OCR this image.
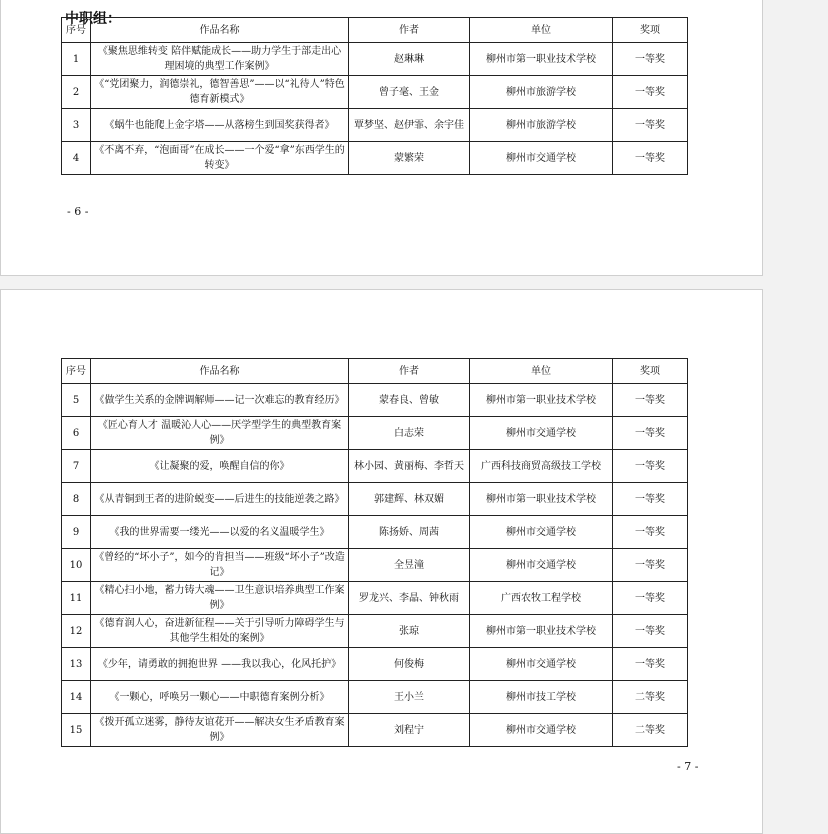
中职组：
序号	作品名称	作者	单位	奖项
1	《聚焦思维转变 陪伴赋能成长——助力学生于部走出心理困境的典型工作案例》	赵琳琳	柳州市第一职业技术学校	一等奖
2	《“党团聚力，润德崇礼，德智善思”——以“礼待人”特色德育新模式》	曾子毫、王金	柳州市旅游学校	一等奖
3	《蜗牛也能爬上金字塔——从落榜生到国奖获得者》	覃梦坚、赵伊霏、余宇佳	柳州市旅游学校	一等奖
4	《不离不弃，“泡面哥”在成长——一个爱“拿”东西学生的转变》	蒙繁荣	柳州市交通学校	一等奖
- 6 -
序号	作品名称	作者	单位	奖项
5	《做学生关系的金牌调解师——记一次难忘的教育经历》	蒙春良、曾敏	柳州市第一职业技术学校	一等奖
6	《匠心育人才 温暖沁人心——厌学型学生的典型教育案例》	白志荣	柳州市交通学校	一等奖
7	《让凝聚的爱，唤醒自信的你》	林小园、黄丽梅、李哲天	广西科技商贸高级技工学校	一等奖
8	《从青铜到王者的进阶蜕变——后进生的技能逆袭之路》	郭建辉、林双媚	柳州市第一职业技术学校	一等奖
9	《我的世界需要一缕光——以爱的名义温暖学生》	陈扬娇、周茜	柳州市交通学校	一等奖
10	《曾经的“坏小子”，如今的肯担当——班级“坏小子”改造记》	全昱潼	柳州市交通学校	一等奖
11	《精心扫小地，蓄力铸大魂——卫生意识培养典型工作案例》	罗龙兴、李晶、钟秋雨	广西农牧工程学校	一等奖
12	《德育润人心，奋进新征程——关于引导听力障碍学生与其他学生相处的案例》	张琼	柳州市第一职业技术学校	一等奖
13	《少年，请勇敢的拥抱世界 ——我以我心，化风托护》	何俊梅	柳州市交通学校	一等奖
14	《一颗心，呼唤另一颗心——中职德育案例分析》	王小兰	柳州市技工学校	二等奖
15	《拨开孤立迷雾，静待友谊花开——解决女生矛盾教育案例》	刘程宁	柳州市交通学校	二等奖
- 7 -
